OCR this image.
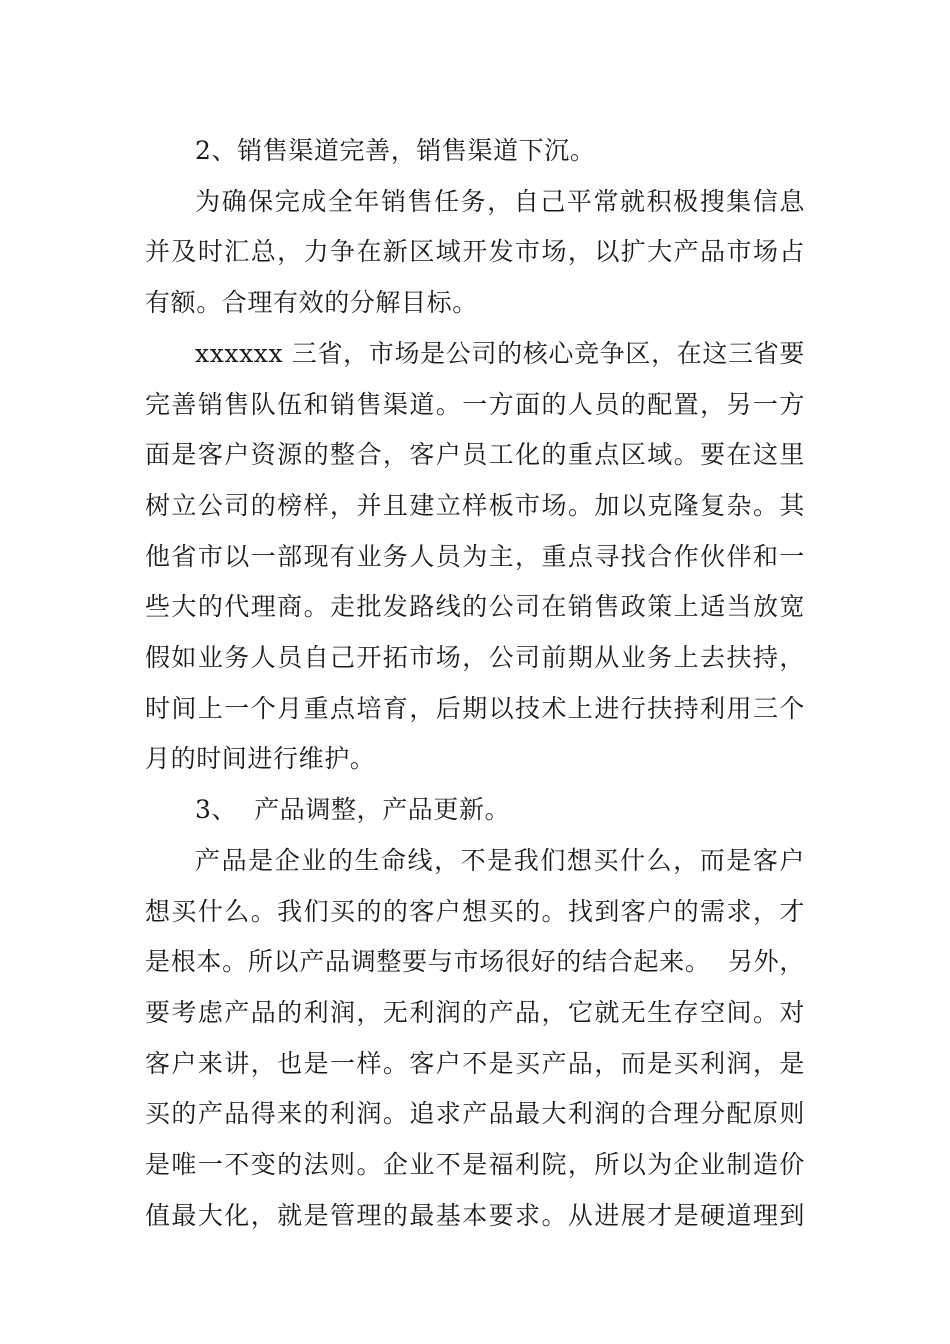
2、销售渠道完善，销售渠道下沉。

为确保完成全年销售任务，自己平常就积极搜集信息
并及时汇总，力争在新区域开发市场，以扩大产品市场占
有额。合理有效的分解目标。

xxxxxx 三省，市场是公司的核心竞争区，在这三省要
完善销售队伍和销售渠道。一方面的人员的配置，另一方
面是客户资源的整合，客户员工化的重点区域。要在这里
树立公司的榜样，并且建立样板市场。加以克隆复杂。其
他省市以一部现有业务人员为主，重点寻找合作伙伴和一
些大的代理商。走批发路线的公司在销售政策上适当放宽
假如业务人员自己开拓市场，公司前期从业务上去扶持，
时间上一个月重点培育，后期以技术上进行扶持利用三个
月的时间进行维护。

3、  产品调整，产品更新。

产品是企业的生命线，不是我们想买什么，而是客户
想买什么。我们买的的客户想买的。找到客户的需求，才
是根本。所以产品调整要与市场很好的结合起来。  另外，
要考虑产品的利润，无利润的产品，它就无生存空间。对
客户来讲，也是一样。客户不是买产品，而是买利润，是
买的产品得来的利润。追求产品最大利润的合理分配原则
是唯一不变的法则。企业不是福利院，所以为企业制造价
值最大化，就是管理的最基本要求。从进展才是硬道理到
